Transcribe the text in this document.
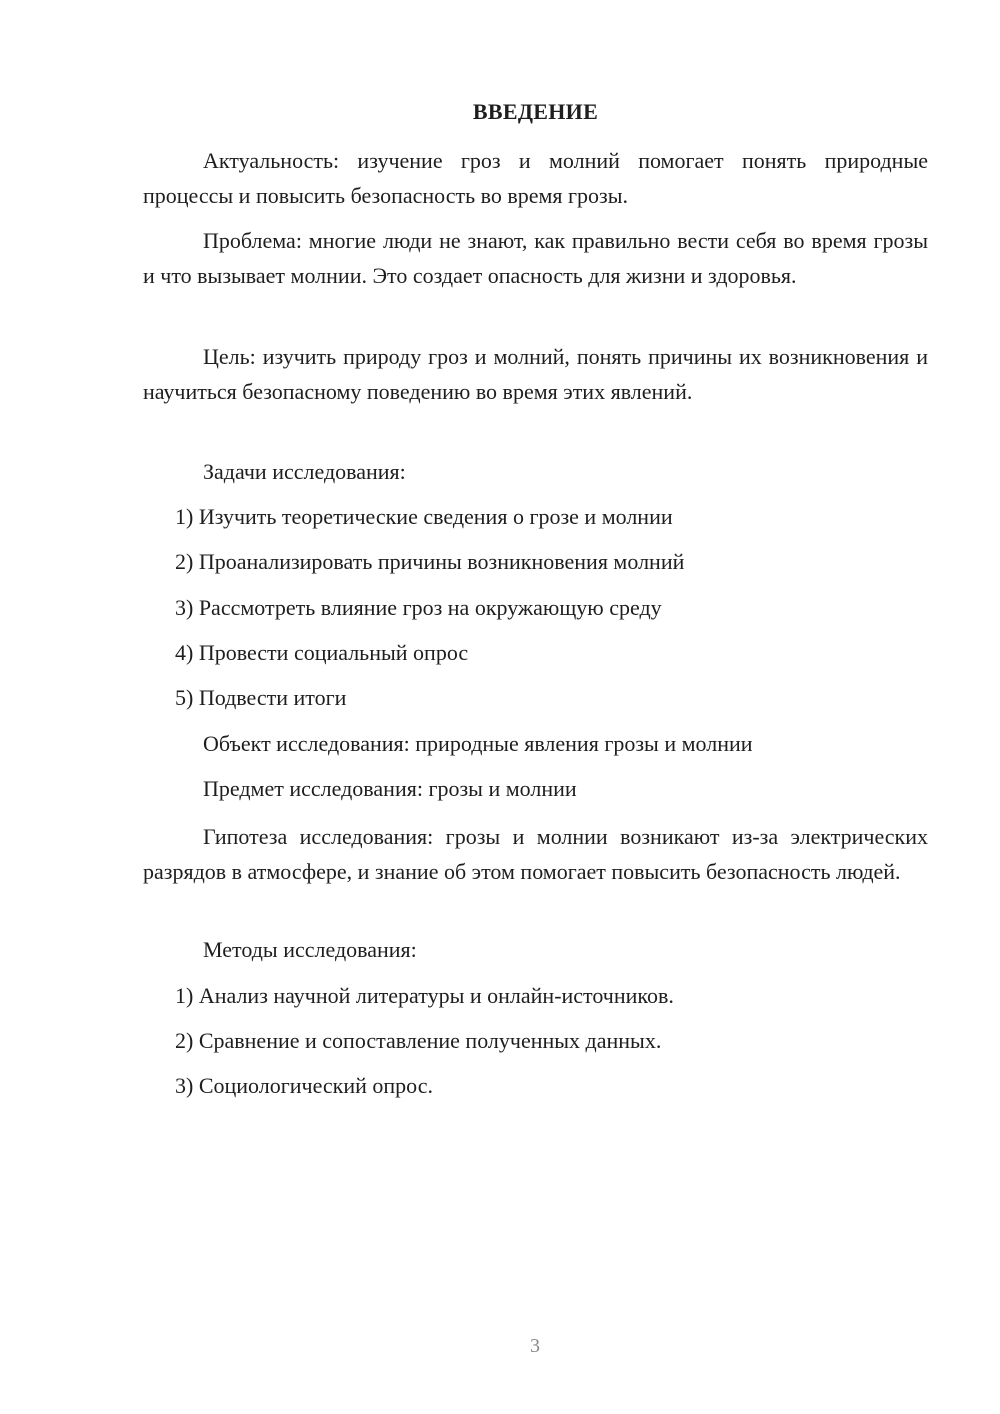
ВВЕДЕНИЕ

Актуальность: изучение гроз и молний помогает понять природные процессы и повысить безопасность во время грозы.

Проблема: многие люди не знают, как правильно вести себя во время грозы и что вызывает молнии. Это создает опасность для жизни и здоровья.

Цель: изучить природу гроз и молний, понять причины их возникновения и научиться безопасному поведению во время этих явлений.

Задачи исследования:

1) Изучить теоретические сведения о грозе и молнии

2) Проанализировать причины возникновения молний

3) Рассмотреть влияние гроз на окружающую среду

4) Провести социальный опрос

5) Подвести итоги

Объект исследования: природные явления грозы и молнии

Предмет исследования: грозы и молнии

Гипотеза исследования: грозы и молнии возникают из-за электрических разрядов в атмосфере, и знание об этом помогает повысить безопасность людей.

Методы исследования:

1) Анализ научной литературы и онлайн-источников.

2) Сравнение и сопоставление полученных данных.

3) Социологический опрос.

3
